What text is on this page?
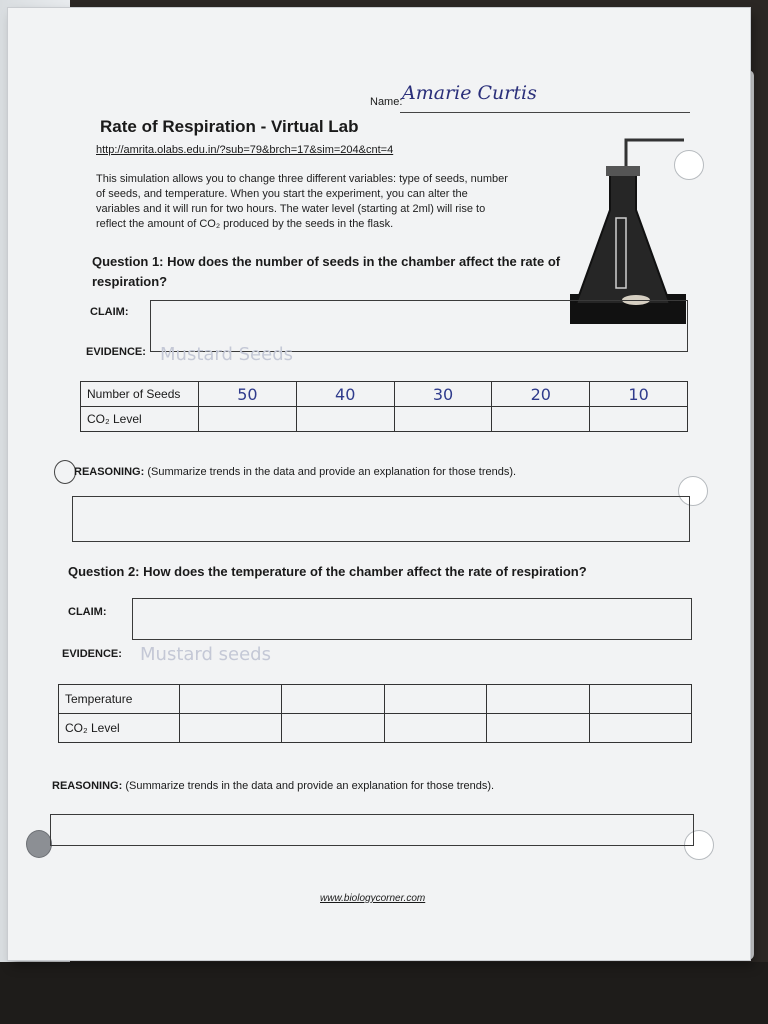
Name: Amarie Curtis
Rate of Respiration - Virtual Lab
http://amrita.olabs.edu.in/?sub=79&brch=17&sim=204&cnt=4
This simulation allows you to change three different variables: type of seeds, number
of seeds, and temperature. When you start the experiment, you can alter the
variables and it will run for two hours. The water level (starting at 2ml) will rise to
reflect the amount of CO₂ produced by the seeds in the flask.
Question 1: How does the number of seeds in the chamber affect the rate of respiration?
CLAIM:
EVIDENCE: Mustard Seeds
Number of Seeds	50	40	30	20	10
CO₂ Level					
REASONING: (Summarize trends in the data and provide an explanation for those trends).
Question 2: How does the temperature of the chamber affect the rate of respiration?
CLAIM:
EVIDENCE: Mustard seeds
Temperature					
CO₂ Level					
REASONING: (Summarize trends in the data and provide an explanation for those trends).
www.biologycorner.com
